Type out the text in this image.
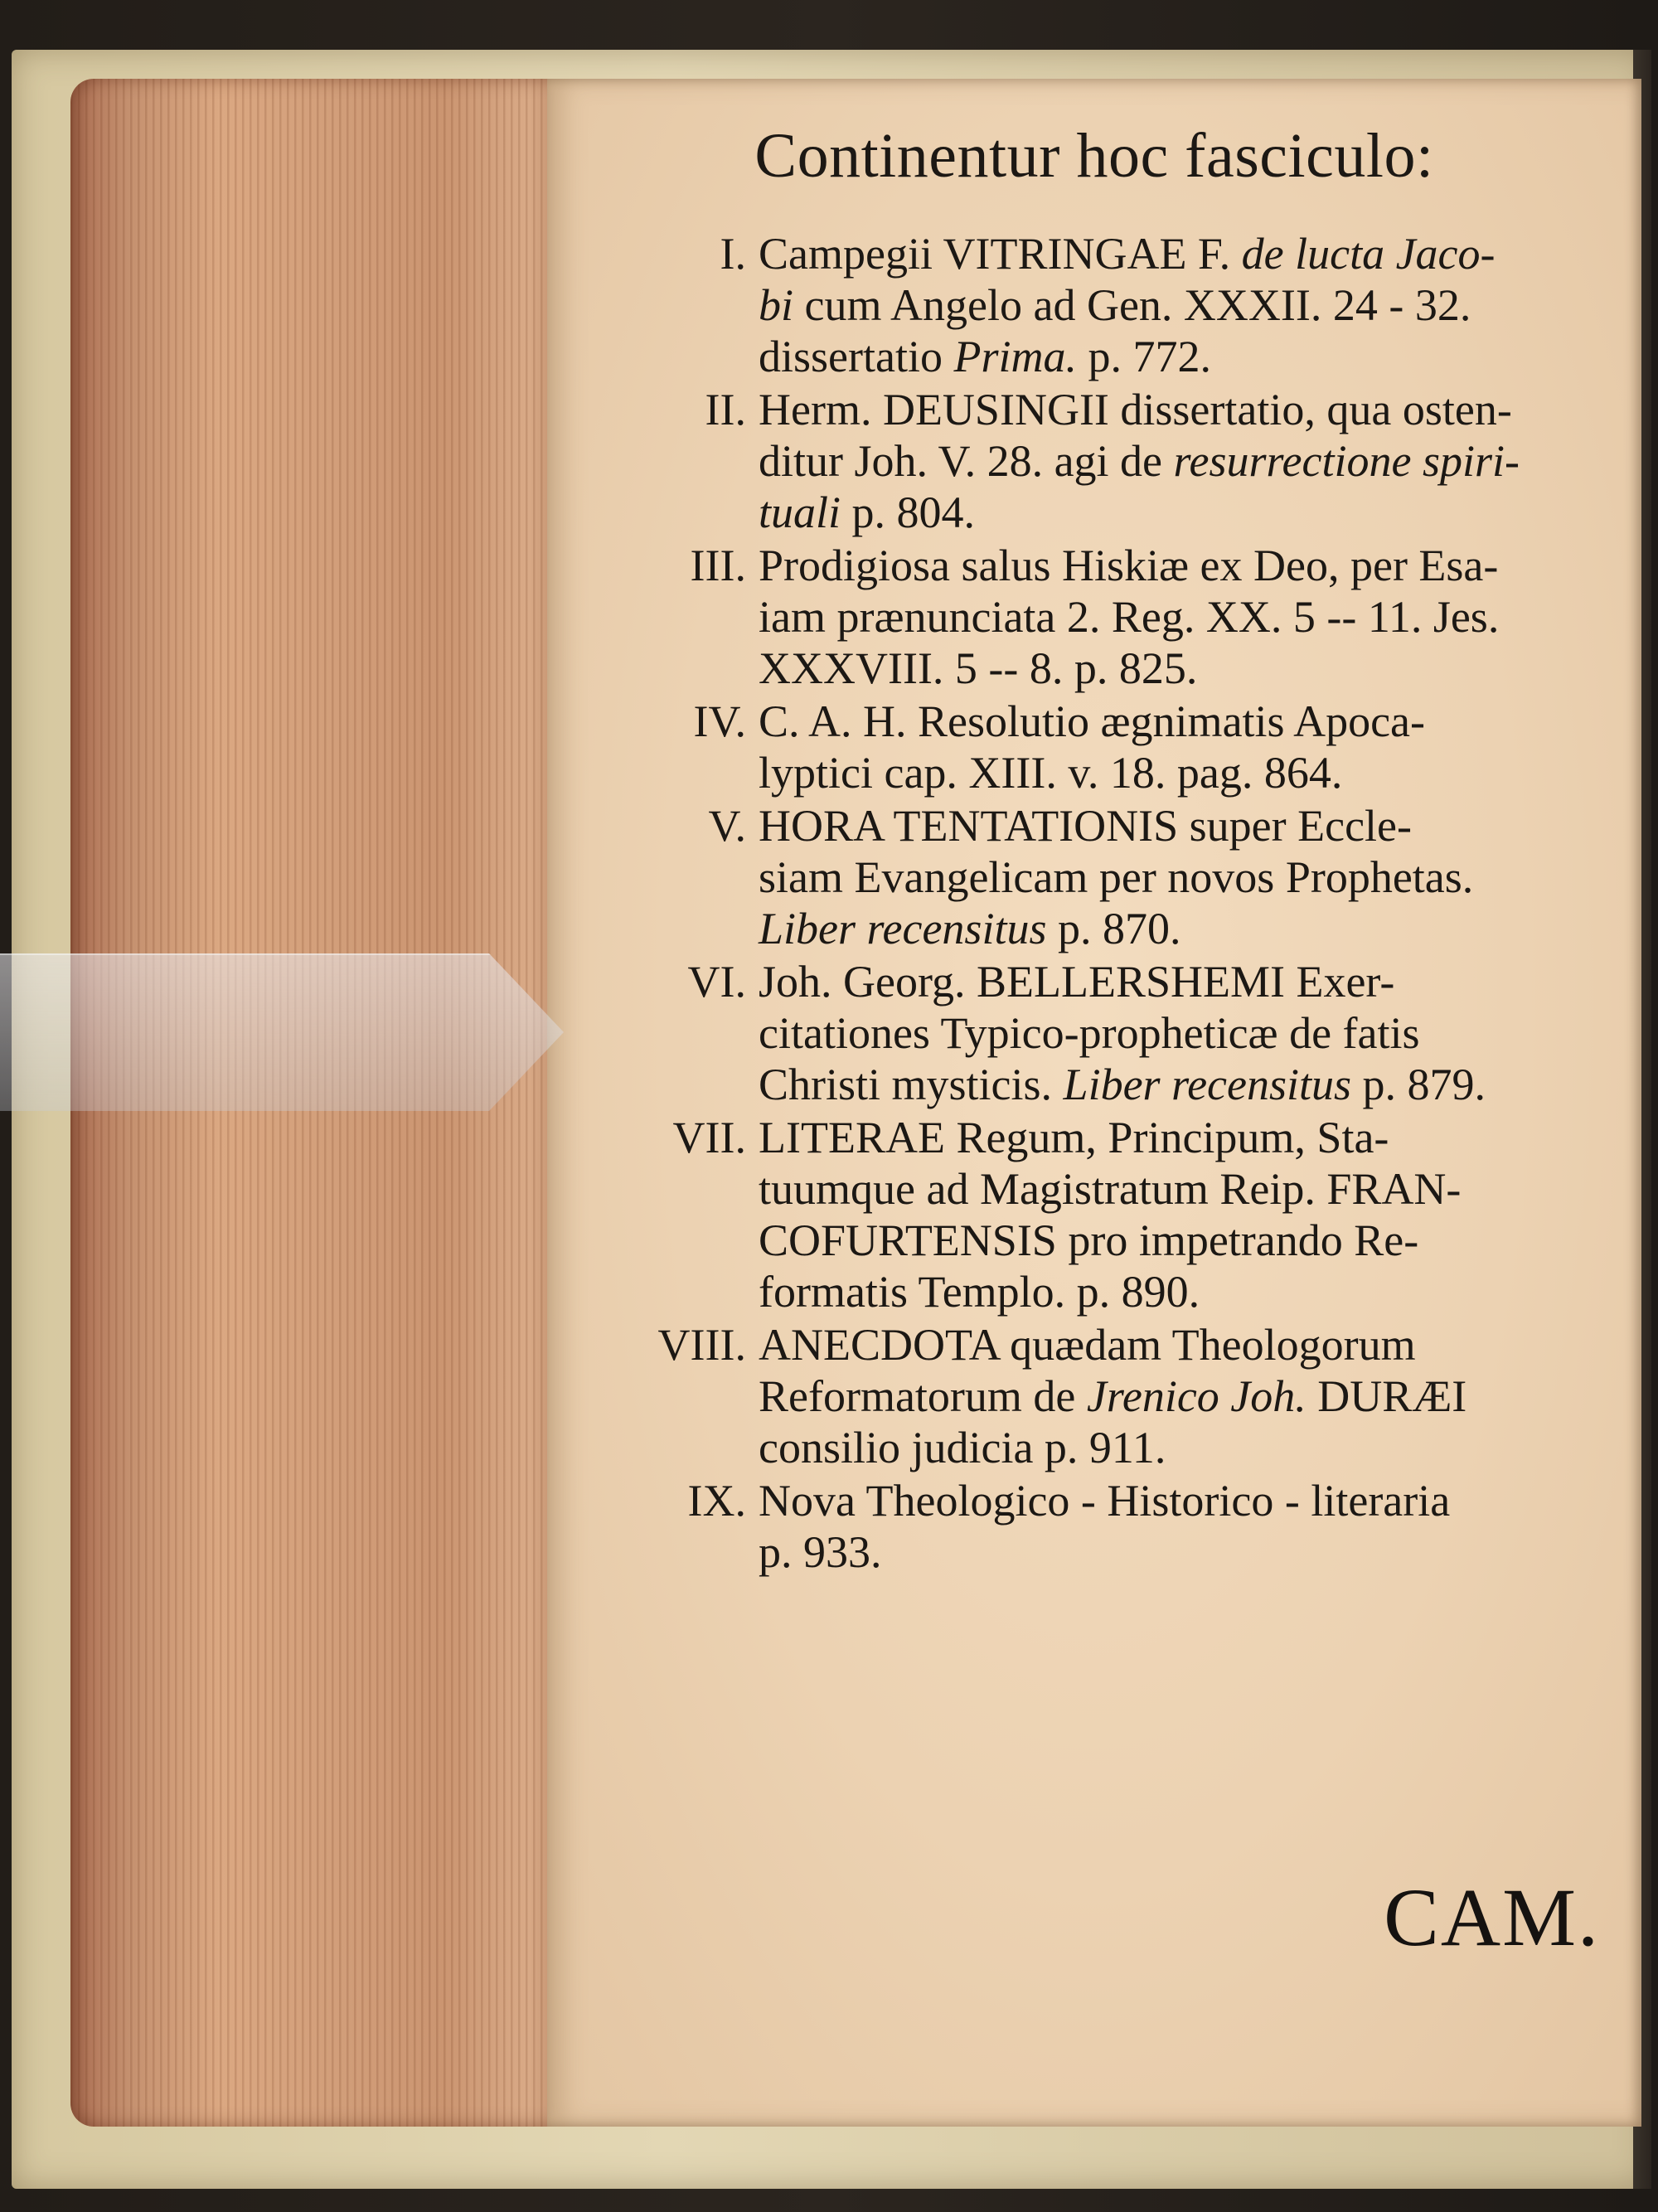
Continentur hoc fasciculo:
I. Campegii VITRINGAE F. de lucta Jaco-
bi cum Angelo ad Gen. XXXII. 24 - 32.
dissertatio Prima. p. 772.
II. Herm. DEUSINGII dissertatio, qua osten-
ditur Joh. V. 28. agi de resurrectione spiri-
tuali p. 804.
III. Prodigiosa salus Hiskiæ ex Deo, per Esa-
iam prænunciata 2. Reg. XX. 5 -- 11. Jes.
XXXVIII. 5 -- 8. p. 825.
IV. C. A. H. Resolutio ægnimatis Apoca-
lyptici cap. XIII. v. 18. pag. 864.
V. HORA TENTATIONIS super Eccle-
siam Evangelicam per novos Prophetas.
Liber recensitus p. 870.
VI. Joh. Georg. BELLERSHEMI Exer-
citationes Typico-propheticæ de fatis
Christi mysticis. Liber recensitus p. 879.
VII. LITERAE Regum, Principum, Sta-
tuumque ad Magistratum Reip. FRAN-
COFURTENSIS pro impetrando Re-
formatis Templo. p. 890.
VIII. ANECDOTA quædam Theologorum
Reformatorum de Jrenico Joh. DURÆI
consilio judicia p. 911.
IX. Nova Theologico - Historico - literaria
p. 933.
CAM.
